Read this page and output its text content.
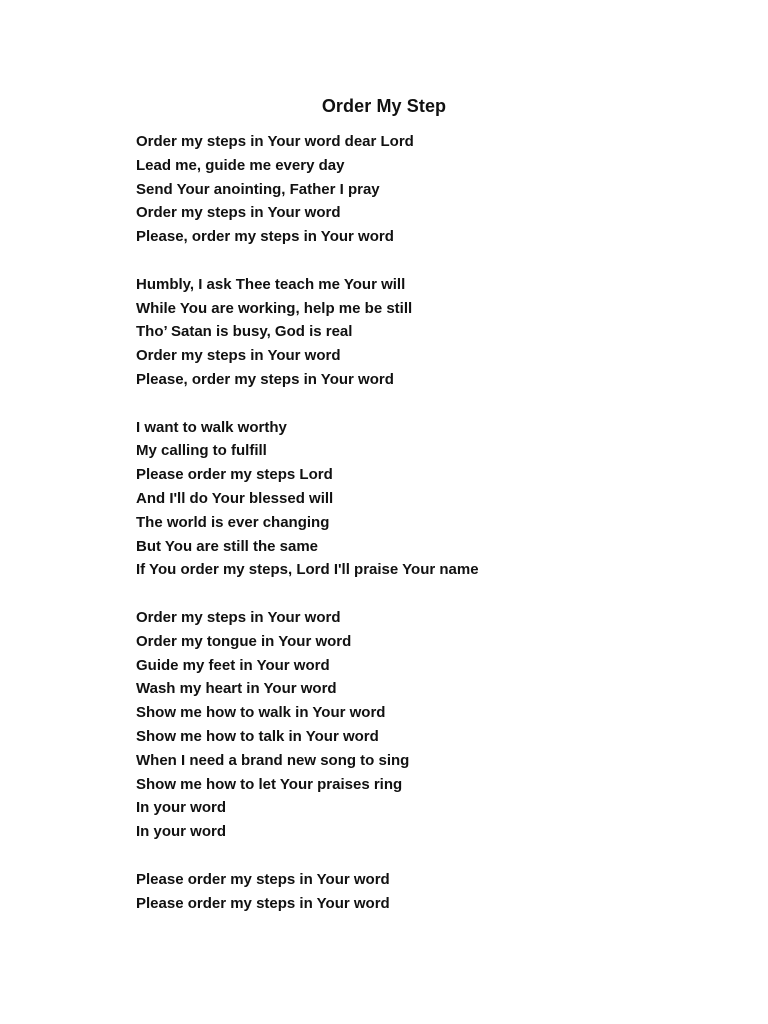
Order My Step
Order my steps in Your word dear Lord
Lead me, guide me every day
Send Your anointing, Father I pray
Order my steps in Your word
Please, order my steps in Your word
Humbly, I ask Thee teach me Your will
While You are working, help me be still
Tho’ Satan is busy, God is real
Order my steps in Your word
Please, order my steps in Your word
I want to walk worthy
My calling to fulfill
Please order my steps Lord
And I'll do Your blessed will
The world is ever changing
But You are still the same
If You order my steps, Lord I'll praise Your name
Order my steps in Your word
Order my tongue in Your word
Guide my feet in Your word
Wash my heart in Your word
Show me how to walk in Your word
Show me how to talk in Your word
When I need a brand new song to sing
Show me how to let Your praises ring
In your word
In your word
Please order my steps in Your word
Please order my steps in Your word
